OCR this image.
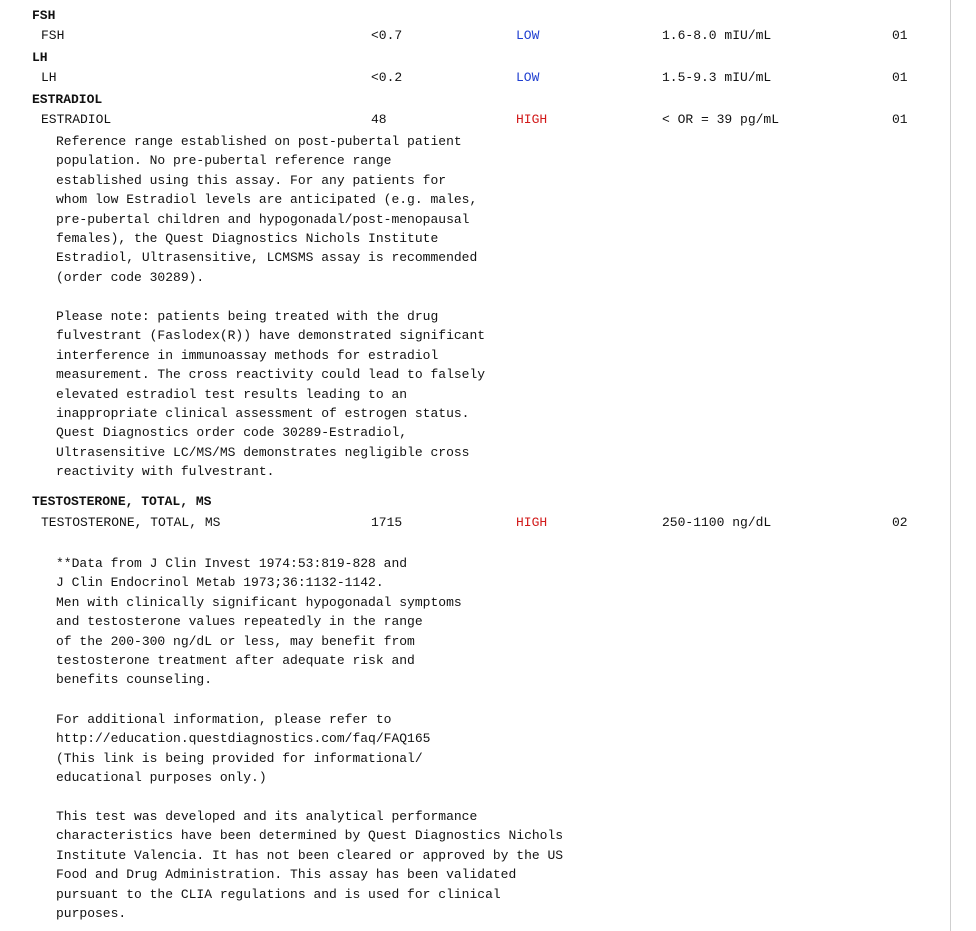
FSH
FSH	<0.7	LOW	1.6-8.0 mIU/mL	01
LH
LH	<0.2	LOW	1.5-9.3 mIU/mL	01
ESTRADIOL
ESTRADIOL	48	HIGH	< OR = 39 pg/mL	01
Reference range established on post-pubertal patient
population. No pre-pubertal reference range
established using this assay. For any patients for
whom low Estradiol levels are anticipated (e.g. males,
pre-pubertal children and hypogonadal/post-menopausal
females), the Quest Diagnostics Nichols Institute
Estradiol, Ultrasensitive, LCMSMS assay is recommended
(order code 30289).
Please note: patients being treated with the drug
fulvestrant (Faslodex(R)) have demonstrated significant
interference in immunoassay methods for estradiol
measurement. The cross reactivity could lead to falsely
elevated estradiol test results leading to an
inappropriate clinical assessment of estrogen status.
Quest Diagnostics order code 30289-Estradiol,
Ultrasensitive LC/MS/MS demonstrates negligible cross
reactivity with fulvestrant.
TESTOSTERONE, TOTAL, MS
TESTOSTERONE, TOTAL, MS	1715	HIGH	250-1100 ng/dL	02
**Data from J Clin Invest 1974:53:819-828 and
J Clin Endocrinol Metab 1973;36:1132-1142.
Men with clinically significant hypogonadal symptoms
and testosterone values repeatedly in the range
of the 200-300 ng/dL or less, may benefit from
testosterone treatment after adequate risk and
benefits counseling.
For additional information, please refer to
http://education.questdiagnostics.com/faq/FAQ165
(This link is being provided for informational/
educational purposes only.)
This test was developed and its analytical performance
characteristics have been determined by Quest Diagnostics Nichols
Institute Valencia. It has not been cleared or approved by the US
Food and Drug Administration. This assay has been validated
pursuant to the CLIA regulations and is used for clinical
purposes.
